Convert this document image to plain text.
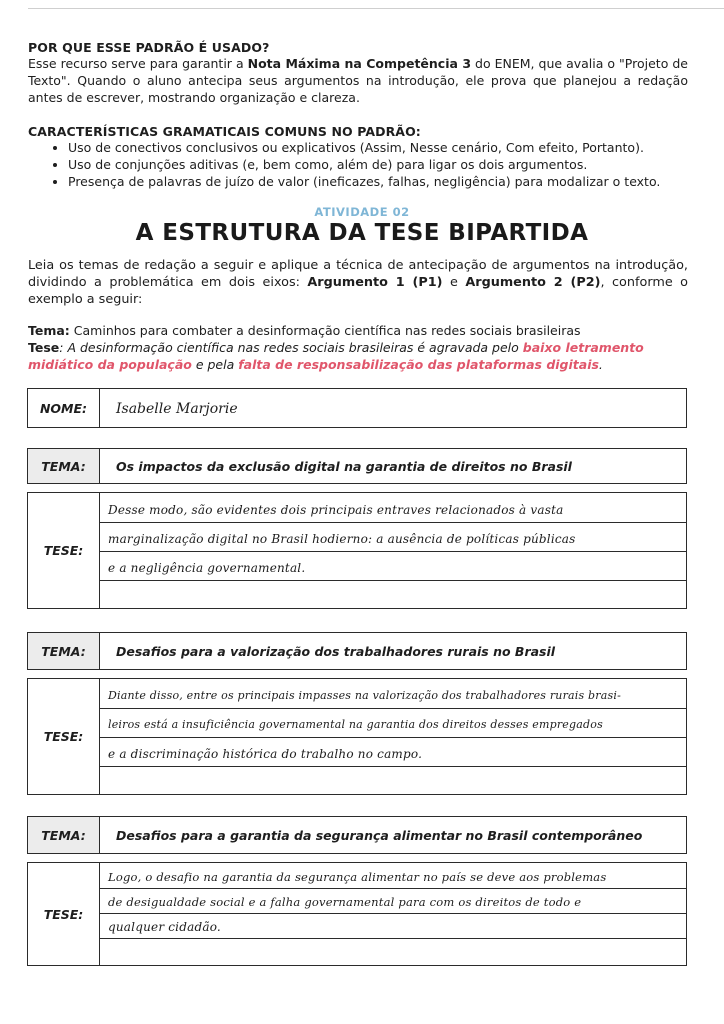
POR QUE ESSE PADRÃO É USADO?

Esse recurso serve para garantir a Nota Máxima na Competência 3 do ENEM, que avalia o "Projeto de Texto". Quando o aluno antecipa seus argumentos na introdução, ele prova que planejou a redação antes de escrever, mostrando organização e clareza.

CARACTERÍSTICAS GRAMATICAIS COMUNS NO PADRÃO:

• Uso de conectivos conclusivos ou explicativos (Assim, Nesse cenário, Com efeito, Portanto).
• Uso de conjunções aditivas (e, bem como, além de) para ligar os dois argumentos.
• Presença de palavras de juízo de valor (ineficazes, falhas, negligência) para modalizar o texto.
ATIVIDADE 02
A ESTRUTURA DA TESE BIPARTIDA

Leia os temas de redação a seguir e aplique a técnica de antecipação de argumentos na introdução, dividindo a problemática em dois eixos: Argumento 1 (P1) e Argumento 2 (P2), conforme o exemplo a seguir:

Tema: Caminhos para combater a desinformação científica nas redes sociais brasileiras
Tese: A desinformação científica nas redes sociais brasileiras é agravada pelo baixo letramento midiático da população e pela falta de responsabilização das plataformas digitais.
NOME:	Isabelle Marjorie
TEMA:	Os impactos da exclusão digital na garantia de direitos no Brasil
TESE:
Desse modo, são evidentes dois principais entraves relacionados à vasta
marginalização digital no Brasil hodierno: a ausência de políticas públicas
e a negligência governamental.
TEMA:	Desafios para a valorização dos trabalhadores rurais no Brasil
TESE:
Diante disso, entre os principais impasses na valorização dos trabalhadores rurais brasi-
leiros está a insuficiência governamental na garantia dos direitos desses empregados
e a discriminação histórica do trabalho no campo.
TEMA:	Desafios para a garantia da segurança alimentar no Brasil contemporâneo
TESE:
Logo, o desafio na garantia da segurança alimentar no país se deve aos problemas
de desigualdade social e a falha governamental para com os direitos de todo e
qualquer cidadão.
